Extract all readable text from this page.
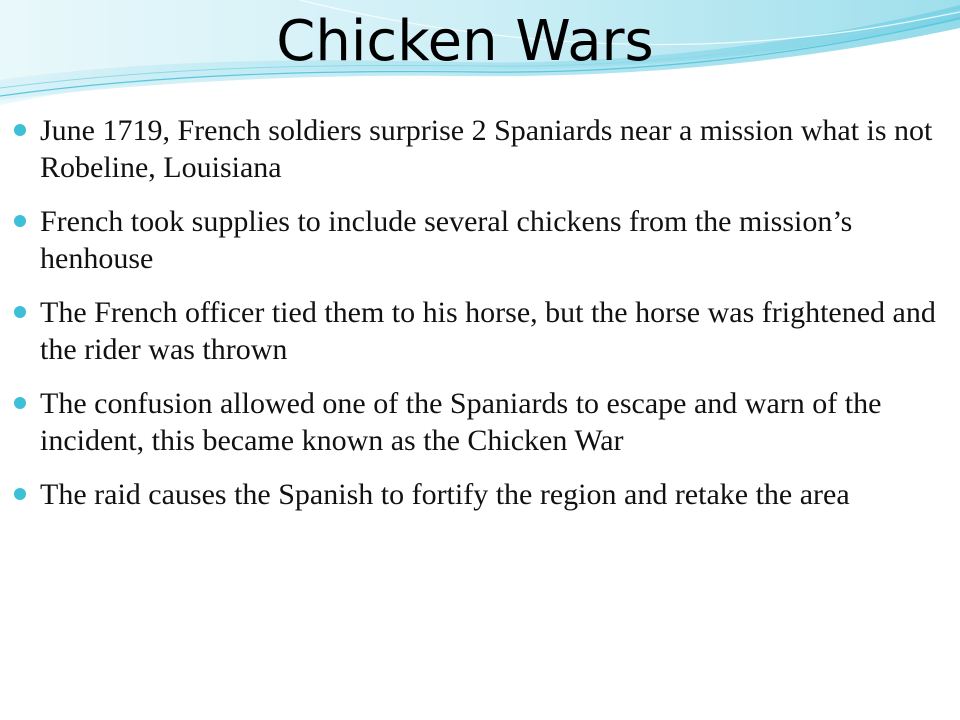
Chicken Wars
June 1719, French soldiers surprise 2 Spaniards near a mission what is not Robeline, Louisiana
French took supplies to include several chickens from the mission’s henhouse
The French officer tied them to his horse, but the horse was frightened and the rider was thrown
The confusion allowed one of the Spaniards to escape and warn of the incident, this became known as the Chicken War
The raid causes the Spanish to fortify the region and retake the area
